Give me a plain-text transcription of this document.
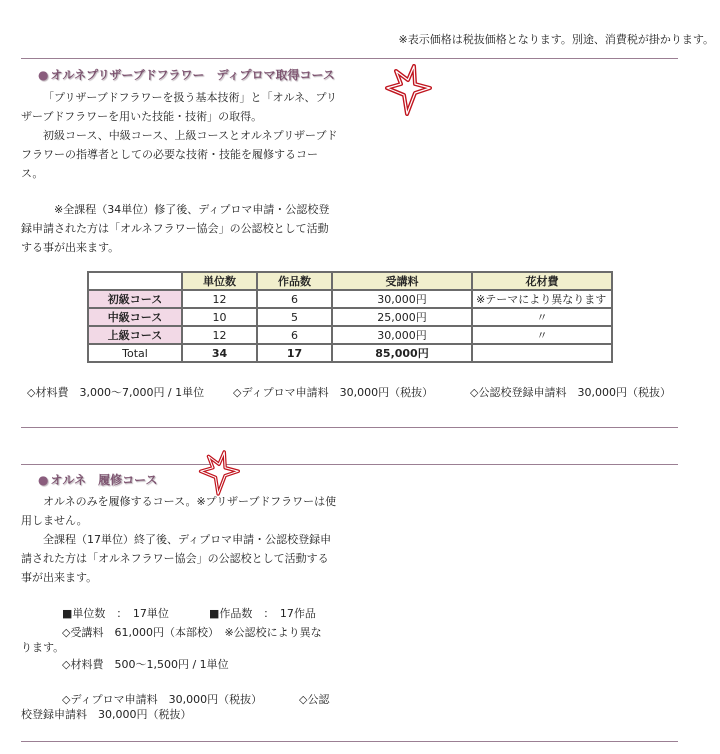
※表示価格は税抜価格となります。別途、消費税が掛かります。
● オルネプリザーブドフラワー　ディプロマ取得コース

「プリザーブドフラワーを扱う基本技術」と「オルネ、プリザーブドフラワーを用いた技能・技術」の取得。

初級コース、中級コース、上級コースとオルネプリザーブドフラワーの指導者としての必要な技術・技能を履修するコース。

※全課程（34単位）修了後、ディプロマ申請・公認校登録申請された方は「オルネフラワー協会」の公認校として活動する事が出来ます。

	単位数	作品数	受講料	花材費
初級コース	12	6	30,000円	※テーマにより異なります
中級コース	10	5	25,000円	〃
上級コース	12	6	30,000円	〃
Total	34	17	85,000円	
◇材料費　3,000～7,000円 / 1単位	◇ディプロマ申請料　30,000円（税抜）	◇公認校登録申請料　30,000円（税抜）
● オルネ　履修コース

オルネのみを履修するコース。※プリザーブドフラワーは使用しません。

全課程（17単位）終了後、ディプロマ申請・公認校登録申請された方は「オルネフラワー協会」の公認校として活動する事が出来ます。

■単位数　：　17単位	■作品数　：　17作品
◇受講料　61,000円（本部校）　※公認校により異な
ります。
◇材料費　500～1,500円 / 1単位
◇ディプロマ申請料　30,000円（税抜）	◇公認
校登録申請料　30,000円（税抜）
